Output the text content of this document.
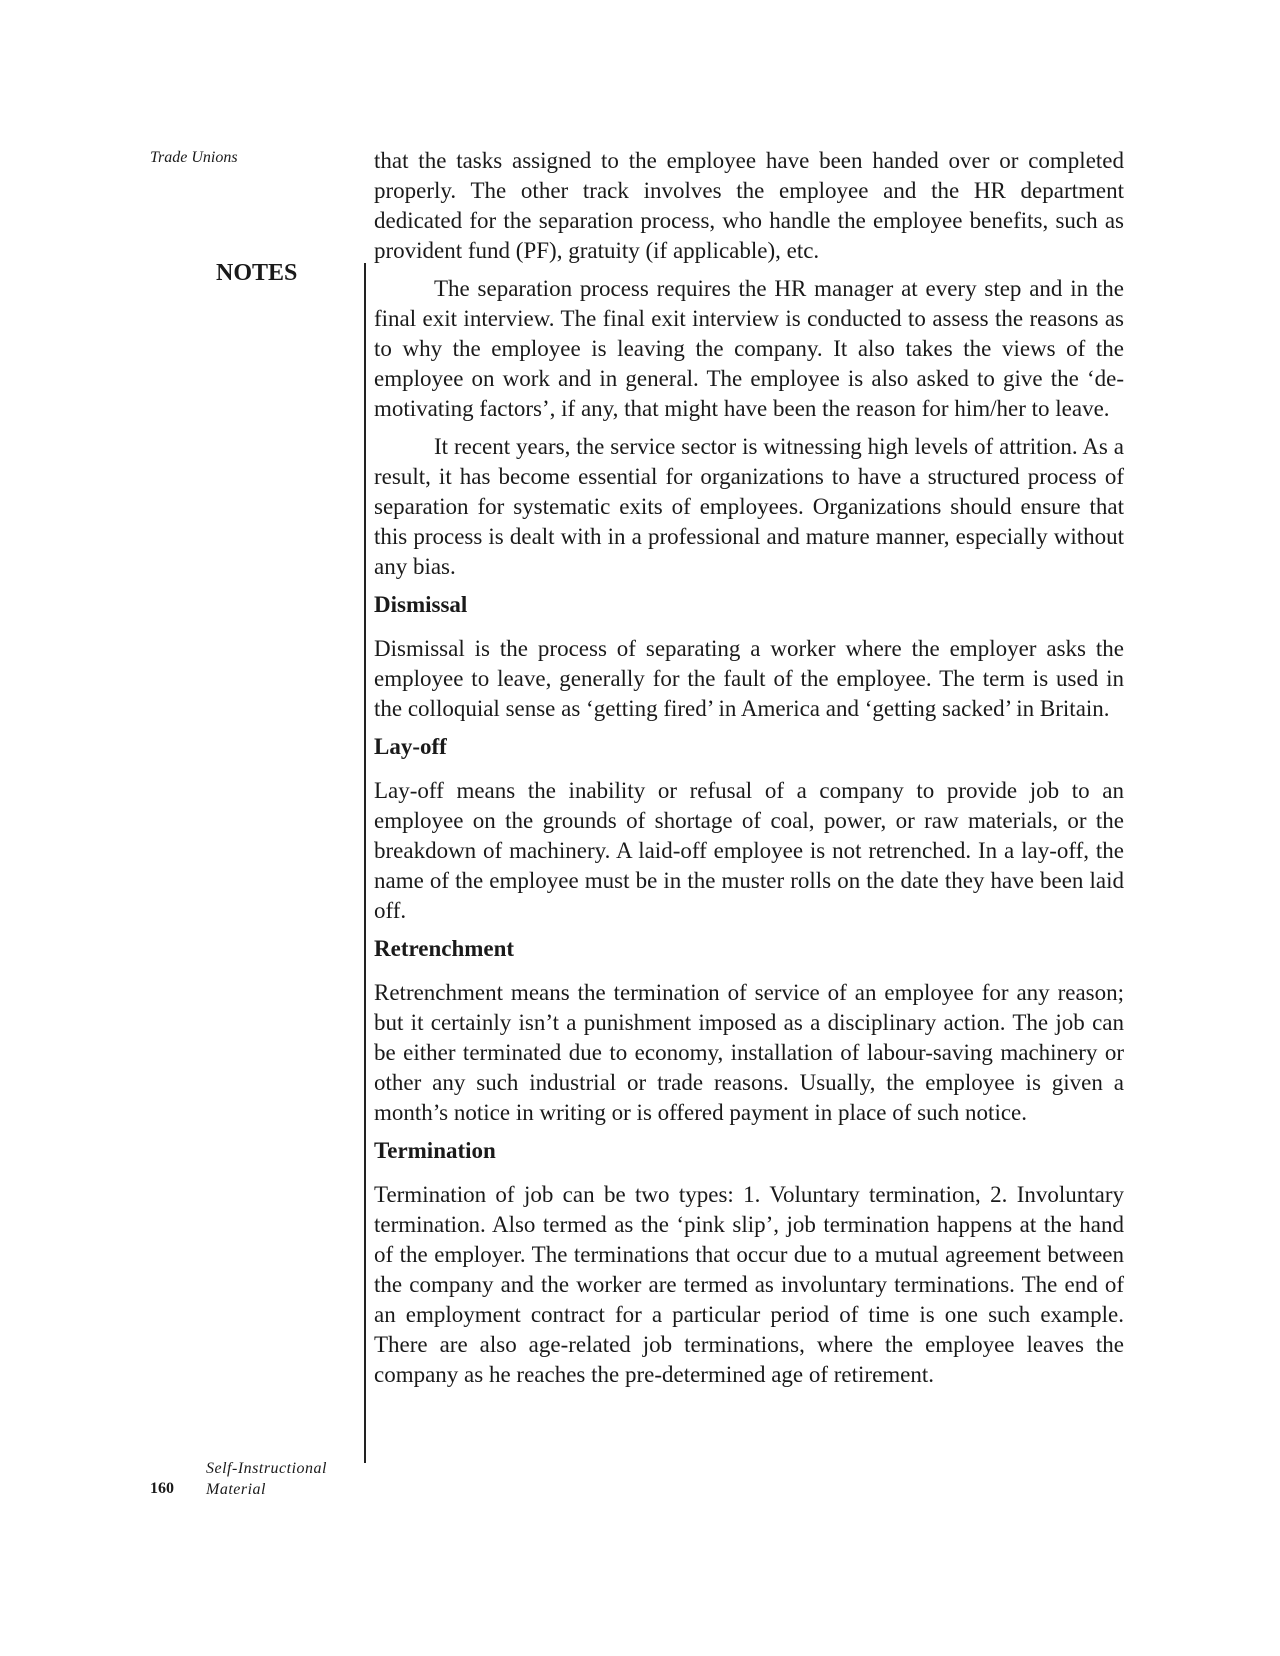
Trade Unions
NOTES

that the tasks assigned to the employee have been handed over or completed properly. The other track involves the employee and the HR department dedicated for the separation process, who handle the employee benefits, such as provident fund (PF), gratuity (if applicable), etc.

The separation process requires the HR manager at every step and in the final exit interview. The final exit interview is conducted to assess the reasons as to why the employee is leaving the company. It also takes the views of the employee on work and in general. The employee is also asked to give the ‘de-motivating factors’, if any, that might have been the reason for him/her to leave.

It recent years, the service sector is witnessing high levels of attrition. As a result, it has become essential for organizations to have a structured process of separation for systematic exits of employees. Organizations should ensure that this process is dealt with in a professional and mature manner, especially without any bias.

Dismissal

Dismissal is the process of separating a worker where the employer asks the employee to leave, generally for the fault of the employee. The term is used in the colloquial sense as ‘getting fired’ in America and ‘getting sacked’ in Britain.

Lay-off

Lay-off means the inability or refusal of a company to provide job to an employee on the grounds of shortage of coal, power, or raw materials, or the breakdown of machinery. A laid-off employee is not retrenched. In a lay-off, the name of the employee must be in the muster rolls on the date they have been laid off.

Retrenchment

Retrenchment means the termination of service of an employee for any reason; but it certainly isn’t a punishment imposed as a disciplinary action. The job can be either terminated due to economy, installation of labour-saving machinery or other any such industrial or trade reasons. Usually, the employee is given a month’s notice in writing or is offered payment in place of such notice.

Termination

Termination of job can be two types: 1. Voluntary termination, 2. Involuntary termination. Also termed as the ‘pink slip’, job termination happens at the hand of the employer. The terminations that occur due to a mutual agreement between the company and the worker are termed as involuntary terminations. The end of an employment contract for a particular period of time is one such example. There are also age-related job terminations, where the employee leaves the company as he reaches the pre-determined age of retirement.

Self-Instructional
Material
160
